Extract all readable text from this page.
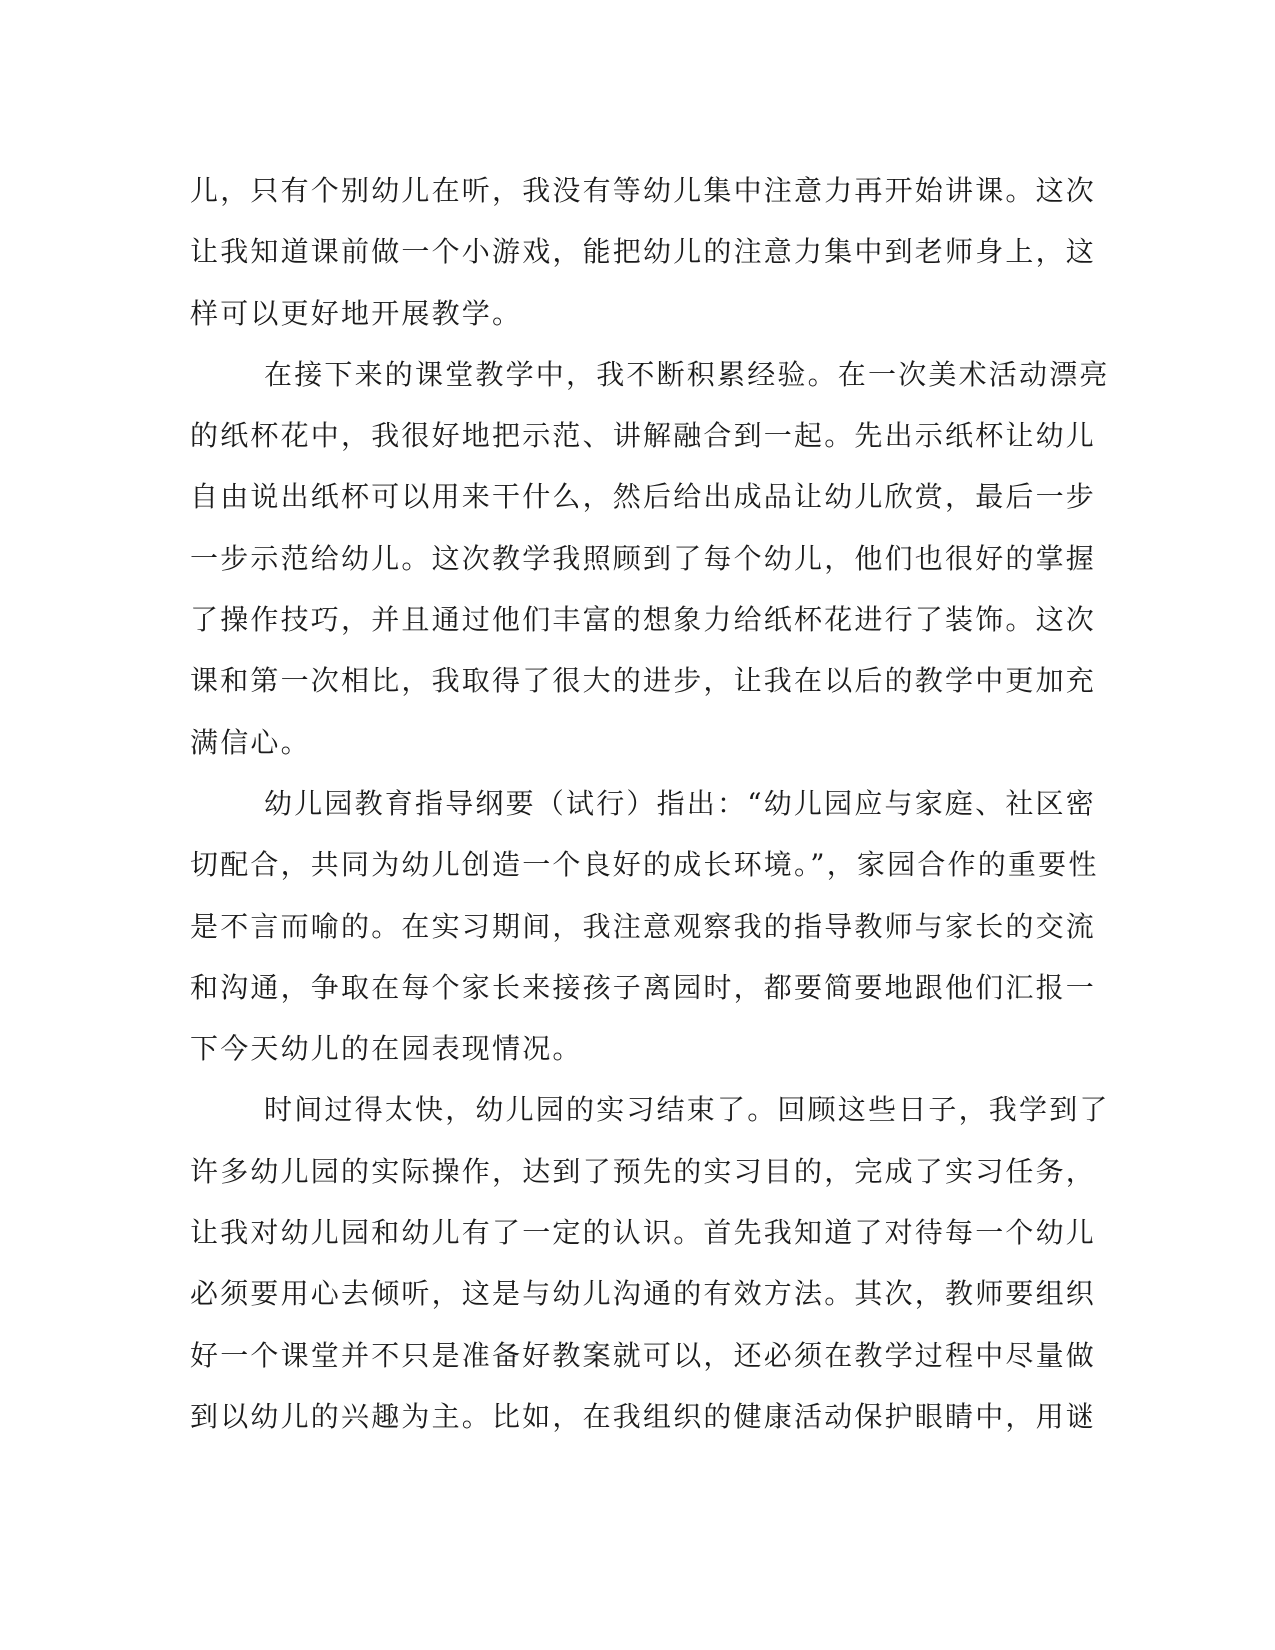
儿，只有个别幼儿在听，我没有等幼儿集中注意力再开始讲课。这次
让我知道课前做一个小游戏，能把幼儿的注意力集中到老师身上，这
样可以更好地开展教学。
在接下来的课堂教学中，我不断积累经验。在一次美术活动漂亮
的纸杯花中，我很好地把示范、讲解融合到一起。先出示纸杯让幼儿
自由说出纸杯可以用来干什么，然后给出成品让幼儿欣赏，最后一步
一步示范给幼儿。这次教学我照顾到了每个幼儿，他们也很好的掌握
了操作技巧，并且通过他们丰富的想象力给纸杯花进行了装饰。这次
课和第一次相比，我取得了很大的进步，让我在以后的教学中更加充
满信心。
幼儿园教育指导纲要（试行）指出：“幼儿园应与家庭、社区密
切配合，共同为幼儿创造一个良好的成长环境。”，家园合作的重要性
是不言而喻的。在实习期间，我注意观察我的指导教师与家长的交流
和沟通，争取在每个家长来接孩子离园时，都要简要地跟他们汇报一
下今天幼儿的在园表现情况。
时间过得太快，幼儿园的实习结束了。回顾这些日子，我学到了
许多幼儿园的实际操作，达到了预先的实习目的，完成了实习任务，
让我对幼儿园和幼儿有了一定的认识。首先我知道了对待每一个幼儿
必须要用心去倾听，这是与幼儿沟通的有效方法。其次，教师要组织
好一个课堂并不只是准备好教案就可以，还必须在教学过程中尽量做
到以幼儿的兴趣为主。比如，在我组织的健康活动保护眼睛中，用谜
